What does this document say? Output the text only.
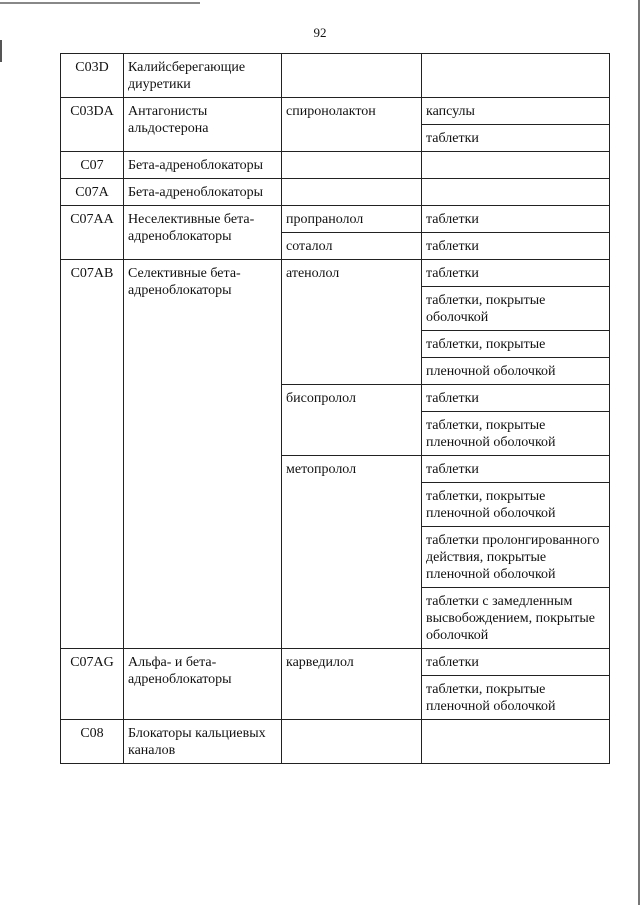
92
C03D	Калийсберегающие диуретики		
C03DA	Антагонисты альдостерона	спиронолактон	капсулы
			таблетки
C07	Бета-адреноблокаторы		
C07A	Бета-адреноблокаторы		
C07AA	Неселективные бета-адреноблокаторы	пропранолол	таблетки
		соталол	таблетки
C07AB	Селективные бета-адреноблокаторы	атенолол	таблетки
			таблетки, покрытые оболочкой
			таблетки, покрытые
			пленочной оболочкой
		бисопролол	таблетки
			таблетки, покрытые пленочной оболочкой
		метопролол	таблетки
			таблетки, покрытые пленочной оболочкой
			таблетки пролонгированного действия, покрытые пленочной оболочкой
			таблетки с замедленным высвобождением, покрытые оболочкой
C07AG	Альфа- и бета-адреноблокаторы	карведилол	таблетки
			таблетки, покрытые пленочной оболочкой
C08	Блокаторы кальциевых каналов		
